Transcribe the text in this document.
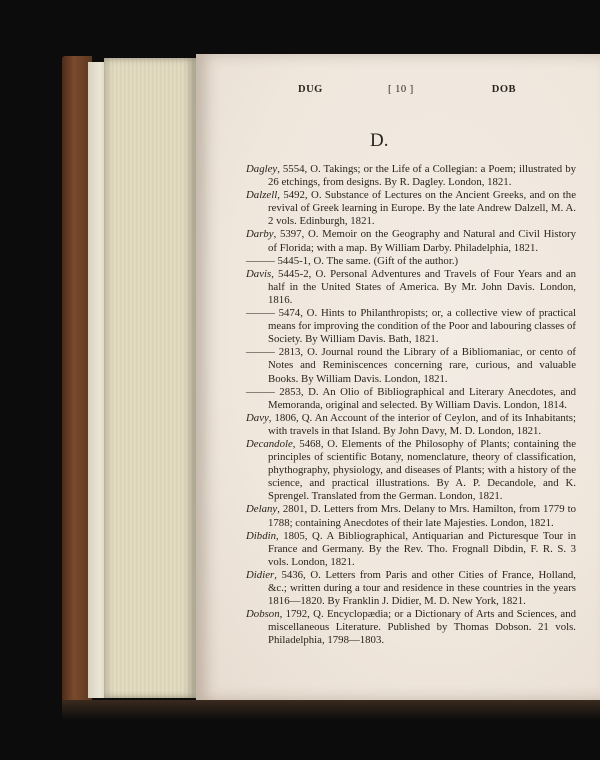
DUG	[ 10 ]	DOB
D.

Dagley, 5554, O. Takings; or the Life of a Collegian: a Poem; illustrated by 26 etchings, from designs. By R. Dagley. London, 1821.

Dalzell, 5492, O. Substance of Lectures on the Ancient Greeks, and on the revival of Greek learning in Europe. By the late Andrew Dalzell, M. A. 2 vols. Edinburgh, 1821.

Darby, 5397, O. Memoir on the Geography and Natural and Civil History of Florida; with a map. By William Darby. Philadelphia, 1821.

——— 5445-1, O. The same. (Gift of the author.)

Davis, 5445-2, O. Personal Adventures and Travels of Four Years and an half in the United States of America. By Mr. John Davis. London, 1816.

——— 5474, O. Hints to Philanthropists; or, a collective view of practical means for improving the condition of the Poor and labouring classes of Society. By William Davis. Bath, 1821.

——— 2813, O. Journal round the Library of a Bibliomaniac, or cento of Notes and Reminiscences concerning rare, curious, and valuable Books. By William Davis. London, 1821.

——— 2853, D. An Olio of Bibliographical and Literary Anecdotes, and Memoranda, original and selected. By William Davis. London, 1814.

Davy, 1806, Q. An Account of the interior of Ceylon, and of its Inhabitants; with travels in that Island. By John Davy, M. D. London, 1821.

Decandole, 5468, O. Elements of the Philosophy of Plants; containing the principles of scientific Botany, nomenclature, theory of classification, phythography, physiology, and diseases of Plants; with a history of the science, and practical illustrations. By A. P. Decandole, and K. Sprengel. Translated from the German. London, 1821.

Delany, 2801, D. Letters from Mrs. Delany to Mrs. Hamilton, from 1779 to 1788; containing Anecdotes of their late Majesties. London, 1821.

Dibdin, 1805, Q. A Bibliographical, Antiquarian and Picturesque Tour in France and Germany. By the Rev. Tho. Frognall Dibdin, F. R. S. 3 vols. London, 1821.

Didier, 5436, O. Letters from Paris and other Cities of France, Holland, &c.; written during a tour and residence in these countries in the years 1816—1820. By Franklin J. Didier, M. D. New York, 1821.

Dobson, 1792, Q. Encyclopædia; or a Dictionary of Arts and Sciences, and miscellaneous Literature. Published by Thomas Dobson. 21 vols. Philadelphia, 1798—1803.
